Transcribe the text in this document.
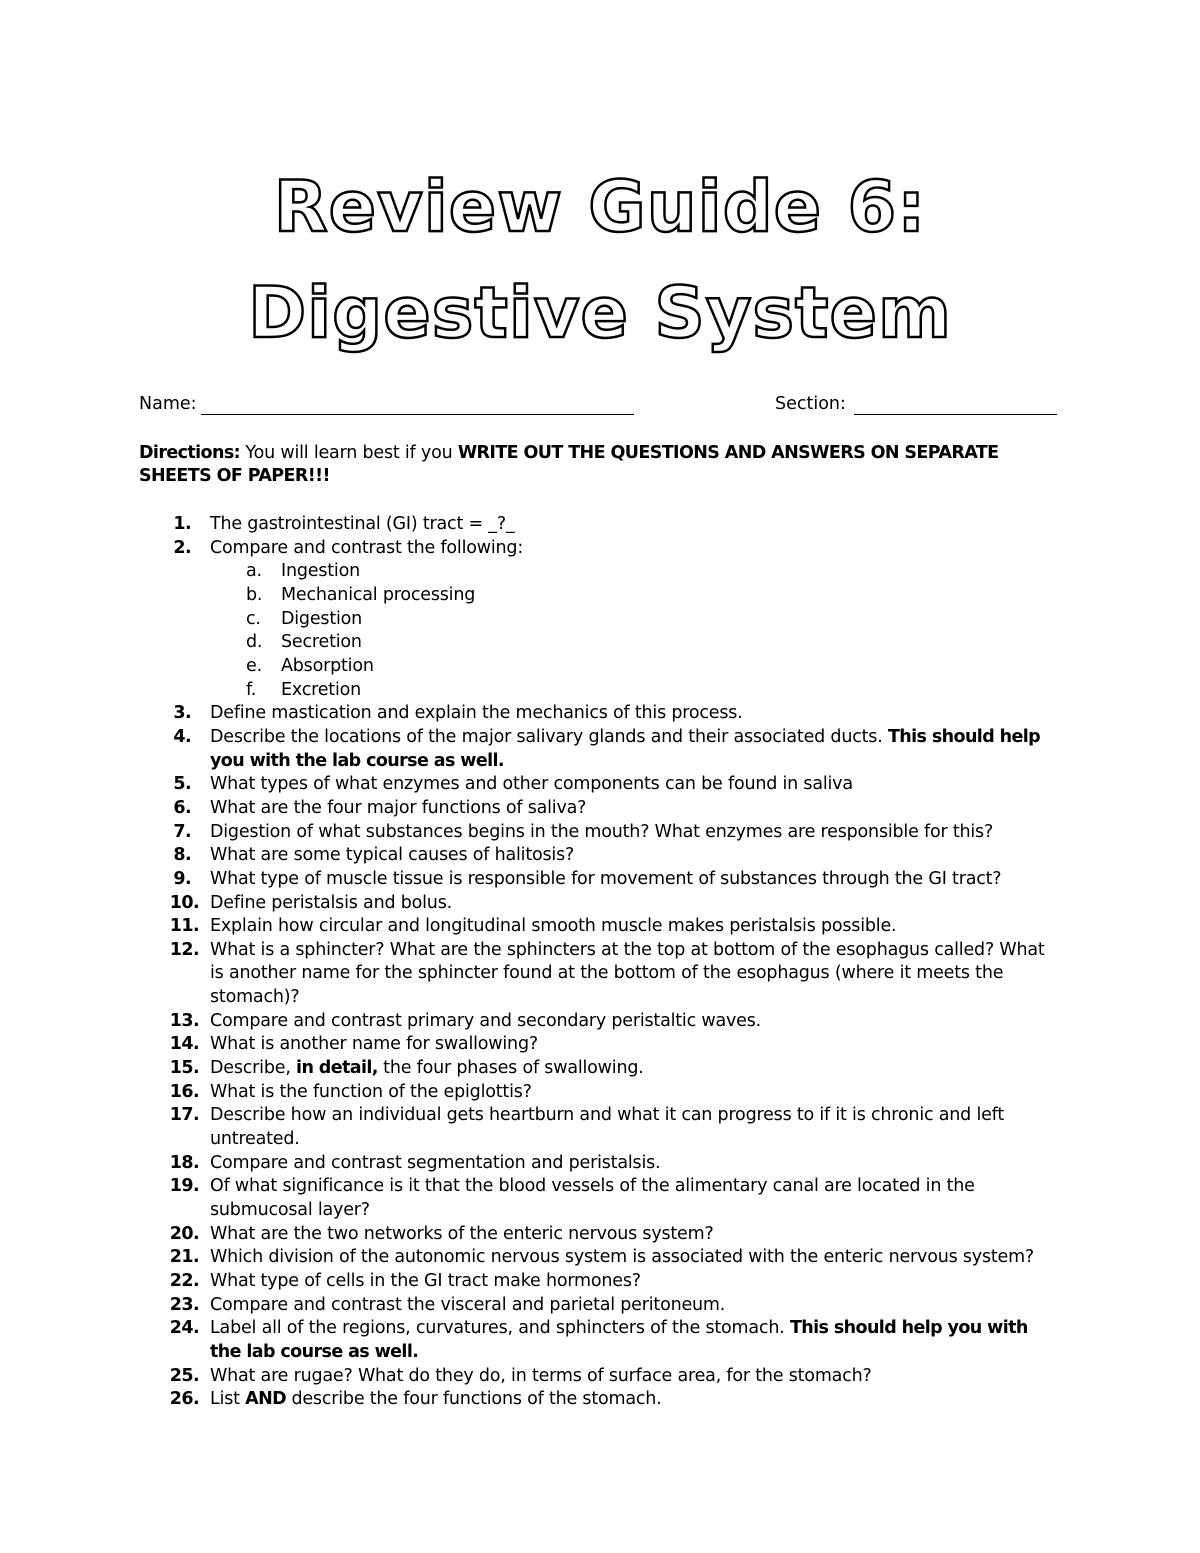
Review Guide 6:
Digestive System
Name:	Section:
Directions: You will learn best if you WRITE OUT THE QUESTIONS AND ANSWERS ON SEPARATE SHEETS OF PAPER!!!
1. The gastrointestinal (GI) tract = _?_
2. Compare and contrast the following:
a. Ingestion
b. Mechanical processing
c. Digestion
d. Secretion
e. Absorption
f. Excretion
3. Define mastication and explain the mechanics of this process.
4. Describe the locations of the major salivary glands and their associated ducts. This should help you with the lab course as well.
5. What types of what enzymes and other components can be found in saliva
6. What are the four major functions of saliva?
7. Digestion of what substances begins in the mouth? What enzymes are responsible for this?
8. What are some typical causes of halitosis?
9. What type of muscle tissue is responsible for movement of substances through the GI tract?
10. Define peristalsis and bolus.
11. Explain how circular and longitudinal smooth muscle makes peristalsis possible.
12. What is a sphincter? What are the sphincters at the top at bottom of the esophagus called? What is another name for the sphincter found at the bottom of the esophagus (where it meets the stomach)?
13. Compare and contrast primary and secondary peristaltic waves.
14. What is another name for swallowing?
15. Describe, in detail, the four phases of swallowing.
16. What is the function of the epiglottis?
17. Describe how an individual gets heartburn and what it can progress to if it is chronic and left untreated.
18. Compare and contrast segmentation and peristalsis.
19. Of what significance is it that the blood vessels of the alimentary canal are located in the submucosal layer?
20. What are the two networks of the enteric nervous system?
21. Which division of the autonomic nervous system is associated with the enteric nervous system?
22. What type of cells in the GI tract make hormones?
23. Compare and contrast the visceral and parietal peritoneum.
24. Label all of the regions, curvatures, and sphincters of the stomach. This should help you with the lab course as well.
25. What are rugae? What do they do, in terms of surface area, for the stomach?
26. List AND describe the four functions of the stomach.
